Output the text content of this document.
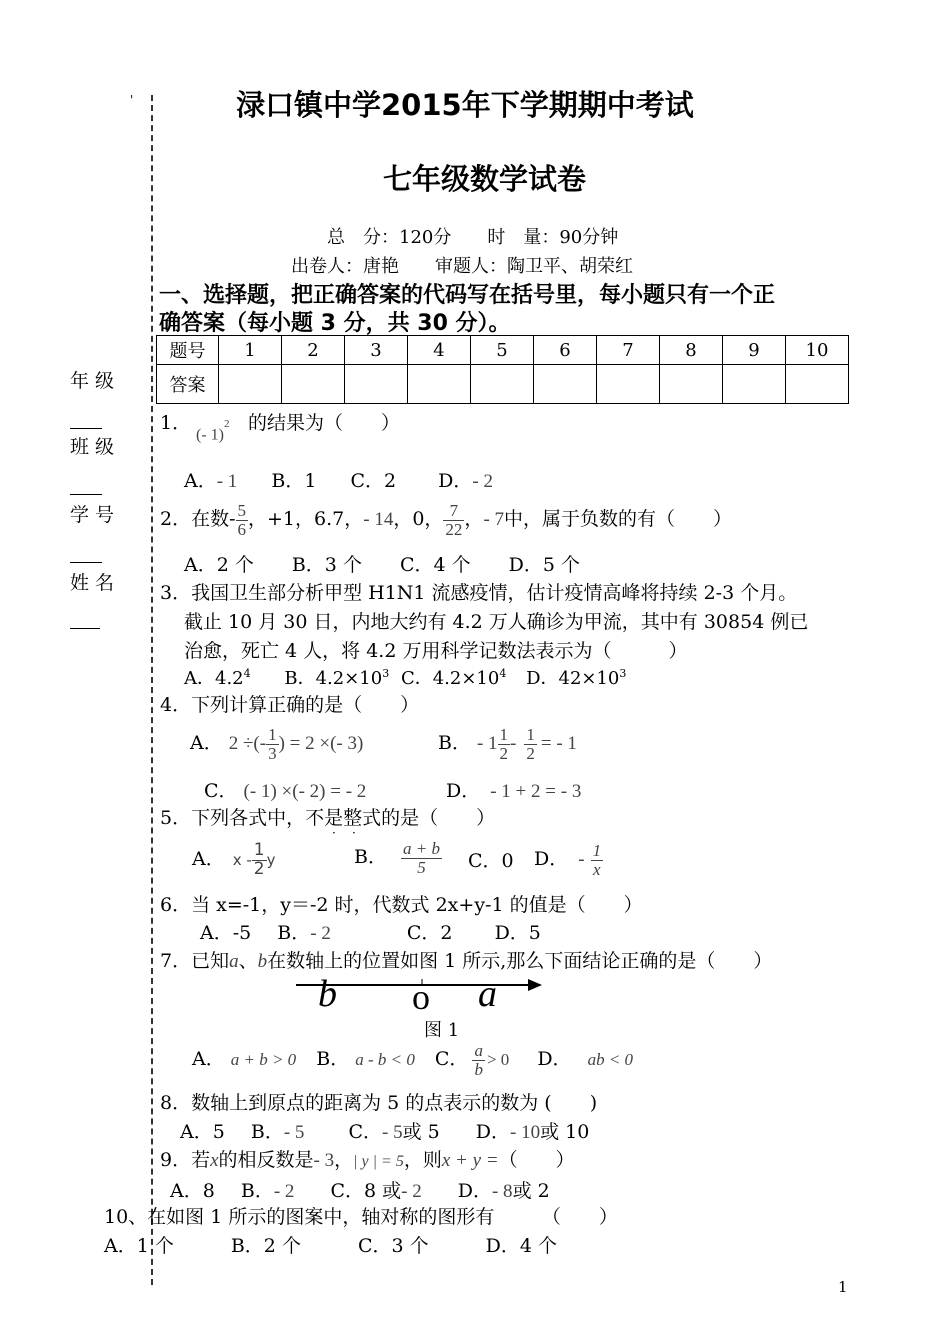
'
年 级
班 级
学 号
姓 名
渌口镇中学2015年下学期期中考试
七年级数学试卷
总　分：120分　　时　量：90分钟
出卷人：唐艳　　审题人：陶卫平、胡荣红
一、选择题，把正确答案的代码写在括号里，每小题只有一个正
确答案（每小题 3 分，共 30 分）。
题号	1	2	3	4	5	6	7	8	9	10
答案										
1．
(- 1)$^2$ 的结果为（　　）
A．- 1 B．1 C．2 D．- 2
2．在数- $\frac{5}{6}$ ，+1，6.7，- 14，0， $\frac{7}{22}$ ，- 7中，属于负数的有（　　）
A．2 个　　B．3 个　　C．4 个　　D．5 个
3．我国卫生部分析甲型 H1N1 流感疫情，估计疫情高峰将持续 2-3 个月。
截止 10 月 30 日，内地大约有 4.2 万人确诊为甲流，其中有 30854 例已
治愈，死亡 4 人，将 4.2 万用科学记数法表示为（　　　）
A．$4.2^4$ B．$4.2\times 10^3$ C．$4.2\times 10^4$ D．$42\times 10^3$
4．下列计算正确的是（　　）
A． 2 ÷(- $\frac{1}{3}$ ) = 2 ×(- 3)	B． - $1 \frac{1}{2} - \frac{1}{2}$ = - 1
C． (- 1) ×(- 2) = - 2	D． - 1 + 2 = - 3
5．下列各式中，不是整式的是（　　）
· ·
A． x - $\frac{1}{2}$ y	B． $\frac{a + b}{5}$ C．0 D． - $\frac{1}{x}$
6．当 x=-1，y＝-2 时，代数式 2x+y-1 的值是（　　）
A．-5 B．- 2	C．2 D．5
7．已知a、b在数轴上的位置如图 1 所示,那么下面结论正确的是（　　）
b o a
图 1
A． a + b > 0 B． a - b < 0 C． $\frac{a}{b} > 0$ D． ab < 0
8．数轴上到原点的距离为 5 的点表示的数为 (　　)
A．5 B．- 5 C．- 5或 5 D．- 10或 10
9．若x的相反数是- 3，| y | = 5，则x + y =（　　）
A．8 B．- 2 C．8 或- 2 D．- 8或 2
10、在如图 1 所示的图案中，轴对称的图形有　　　（　　）
A．1 个　　　B．2 个　　　C．3 个　　　D．4 个
1
